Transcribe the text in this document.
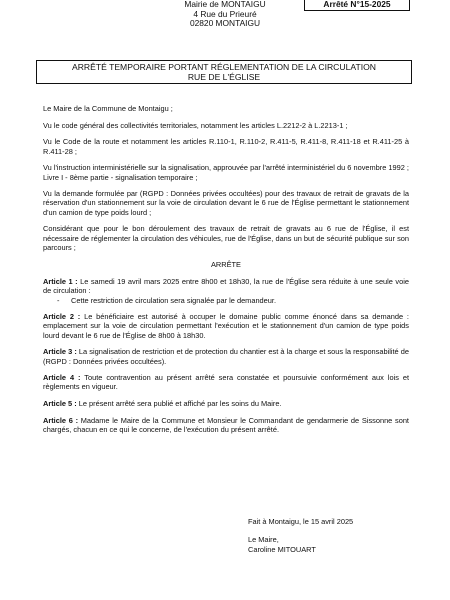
Mairie de MONTAIGU
4 Rue du Prieuré
02820 MONTAIGU
Arrêté N°15-2025
ARRÊTÉ TEMPORAIRE PORTANT RÉGLEMENTATION DE LA CIRCULATION
RUE DE L'ÉGLISE

Le Maire de la Commune de Montaigu ;

Vu le code général des collectivités territoriales, notamment les articles L.2212-2 à L.2213-1 ;

Vu le Code de la route et notamment les articles R.110-1, R.110-2, R.411-5, R.411-8, R.411-18 et R.411-25 à R.411-28 ;

Vu l'instruction interministérielle sur la signalisation, approuvée par l'arrêté interministériel du 6 novembre 1992 ; Livre I - 8ème partie - signalisation temporaire ;

Vu la demande formulée par (RGPD : Données privées occultées) pour des travaux de retrait de gravats de la réservation d'un stationnement sur la voie de circulation devant le 6 rue de l'Église permettant le stationnement d'un camion de type poids lourd ;

Considérant que pour le bon déroulement des travaux de retrait de gravats au 6 rue de l'Église, il est nécessaire de réglementer la circulation des véhicules, rue de l'Église, dans un but de sécurité publique sur son parcours ;

ARRÊTE

Article 1 : Le samedi 19 avril mars 2025 entre 8h00 et 18h30, la rue de l'Église sera réduite à une seule voie de circulation :

-	Cette restriction de circulation sera signalée par le demandeur.

Article 2 : Le bénéficiaire est autorisé à occuper le domaine public comme énoncé dans sa demande : emplacement sur la voie de circulation permettant l'exécution et le stationnement d'un camion de type poids lourd devant le 6 rue de l'Église de 8h00 à 18h30.

Article 3 : La signalisation de restriction et de protection du chantier est à la charge et sous la responsabilité de (RGPD : Données privées occultées).

Article 4 : Toute contravention au présent arrêté sera constatée et poursuivie conformément aux lois et règlements en vigueur.

Article 5 : Le présent arrêté sera publié et affiché par les soins du Maire.

Article 6 : Madame le Maire de la Commune et Monsieur le Commandant de gendarmerie de Sissonne sont chargés, chacun en ce qui le concerne, de l'exécution du présent arrêté.

Fait à Montaigu, le 15 avril 2025
Le Maire,
Caroline MITOUART
